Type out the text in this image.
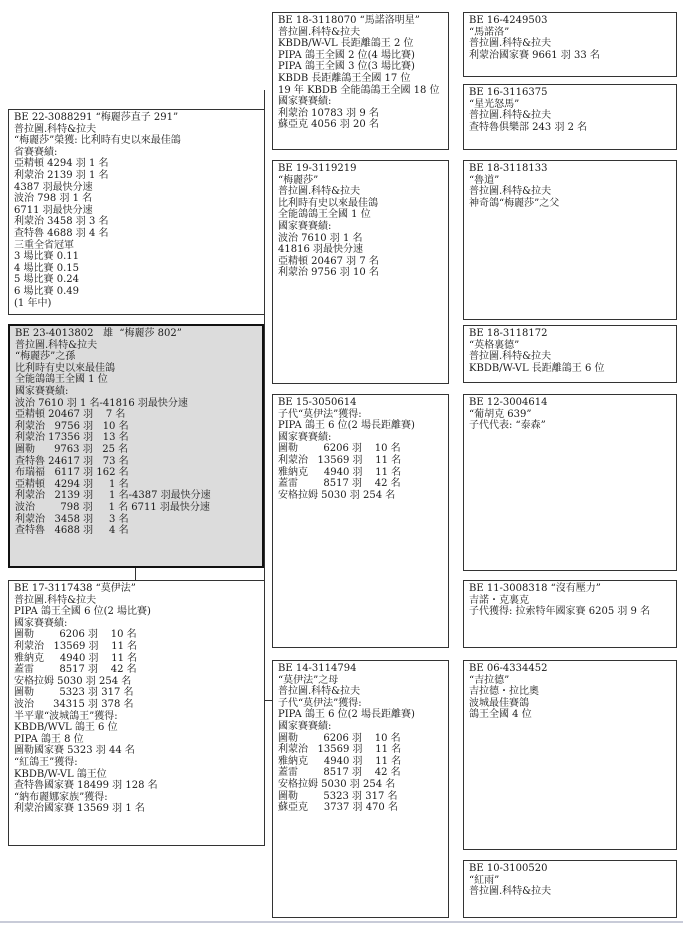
BE 22-3088291 “梅麗莎直子 291”
普拉圖.科特&拉夫
“梅麗莎”榮獲: 比利時有史以來最佳鴿
省賽賽績:
亞精頓 4294 羽 1 名
利蒙治 2139 羽 1 名
4387 羽最快分速
波治 798 羽 1 名
6711 羽最快分速
利蒙治 3458 羽 3 名
查特魯 4688 羽 4 名
三重全省冠軍
3 場比賽 0.11
4 場比賽 0.15
5 場比賽 0.24
6 場比賽 0.49
(1 年中)
BE 23-4013802   雄  “梅麗莎 802”
普拉圖.科特&拉夫
“梅麗莎”之孫
比利時有史以來最佳鴿
全能鴿鴿王全國 1 位
國家賽賽績:
波治 7610 羽 1 名-41816 羽最快分速
亞精頓 20467 羽    7 名
利蒙治   9756 羽   10 名
利蒙治 17356 羽   13 名
圖勒      9763 羽   25 名
查特魯 24617 羽   73 名
布瑞福   6117 羽 162 名
亞精頓   4294 羽     1 名
利蒙治   2139 羽     1 名-4387 羽最快分速
波治        798 羽     1 名 6711 羽最快分速
利蒙治   3458 羽     3 名
查特魯   4688 羽     4 名
BE 17-3117438 “莫伊法”
普拉圖.科特&拉夫
PIPA 鴿王全國 6 位(2 場比賽)
國家賽賽績:
圖勒        6206 羽    10 名
利蒙治   13569 羽    11 名
雅納克     4940 羽    11 名
蓋雷        8517 羽    42 名
安格拉姆 5030 羽 254 名
圖勒        5323 羽 317 名
波治      34315 羽 378 名
半平輩“波城鴿王”獲得:
KBDB/WVL 鴿王 6 位
PIPA 鴿王 8 位
圖勒國家賽 5323 羽 44 名
“紅鴿王”獲得:
KBDB/W-VL 鴿王位
查特魯國家賽 18499 羽 128 名
“納布麗娜家族”獲得:
利蒙治國家賽 13569 羽 1 名
BE 18-3118070 “馬諾洛明星”
普拉圖.科特&拉夫
KBDB/W-VL 長距離鴿王 2 位
PIPA 鴿王全國 2 位(4 場比賽)
PIPA 鴿王全國 3 位(3 場比賽)
KBDB 長距離鴿王全國 17 位
19 年 KBDB 全能鴿鴿王全國 18 位
國家賽賽績:
利蒙治 10783 羽 9 名
蘇亞克 4056 羽 20 名
BE 19-3119219
“梅麗莎”
普拉圖.科特&拉夫
比利時有史以來最佳鴿
全能鴿鴿王全國 1 位
國家賽賽績:
波治 7610 羽 1 名
41816 羽最快分速
亞精頓 20467 羽 7 名
利蒙治 9756 羽 10 名
BE 15-3050614
子代“莫伊法”獲得:
PIPA 鴿王 6 位(2 場長距離賽)
國家賽賽績:
圖勒        6206 羽    10 名
利蒙治   13569 羽    11 名
雅納克     4940 羽    11 名
蓋雷        8517 羽    42 名
安格拉姆 5030 羽 254 名
BE 14-3114794
“莫伊法”之母
普拉圖.科特&拉夫
子代“莫伊法”獲得:
PIPA 鴿王 6 位(2 場長距離賽)
國家賽賽績:
圖勒        6206 羽    10 名
利蒙治   13569 羽    11 名
雅納克     4940 羽    11 名
蓋雷        8517 羽    42 名
安格拉姆 5030 羽 254 名
圖勒        5323 羽 317 名
蘇亞克     3737 羽 470 名
BE 16-4249503
“馬諾洛”
普拉圖.科特&拉夫
利蒙治國家賽 9661 羽 33 名
BE 16-3116375
“星光怒馬”
普拉圖.科特&拉夫
查特魯俱樂部 243 羽 2 名
BE 18-3118133
“魯道”
普拉圖.科特&拉夫
神奇鴿“梅麗莎”之父
BE 18-3118172
“英格裏德”
普拉圖.科特&拉夫
KBDB/W-VL 長距離鴿王 6 位
BE 12-3004614
“葡胡克 639”
子代代表: “泰森”
BE 11-3008318 “沒有壓力”
吉諾・克裏克
子代獲得: 拉索特年國家賽 6205 羽 9 名
BE 06-4334452
“吉拉德”
吉拉德・拉比奧
波城最佳賽鴿
鴿王全國 4 位
BE 10-3100520
“紅雨”
普拉圖.科特&拉夫
